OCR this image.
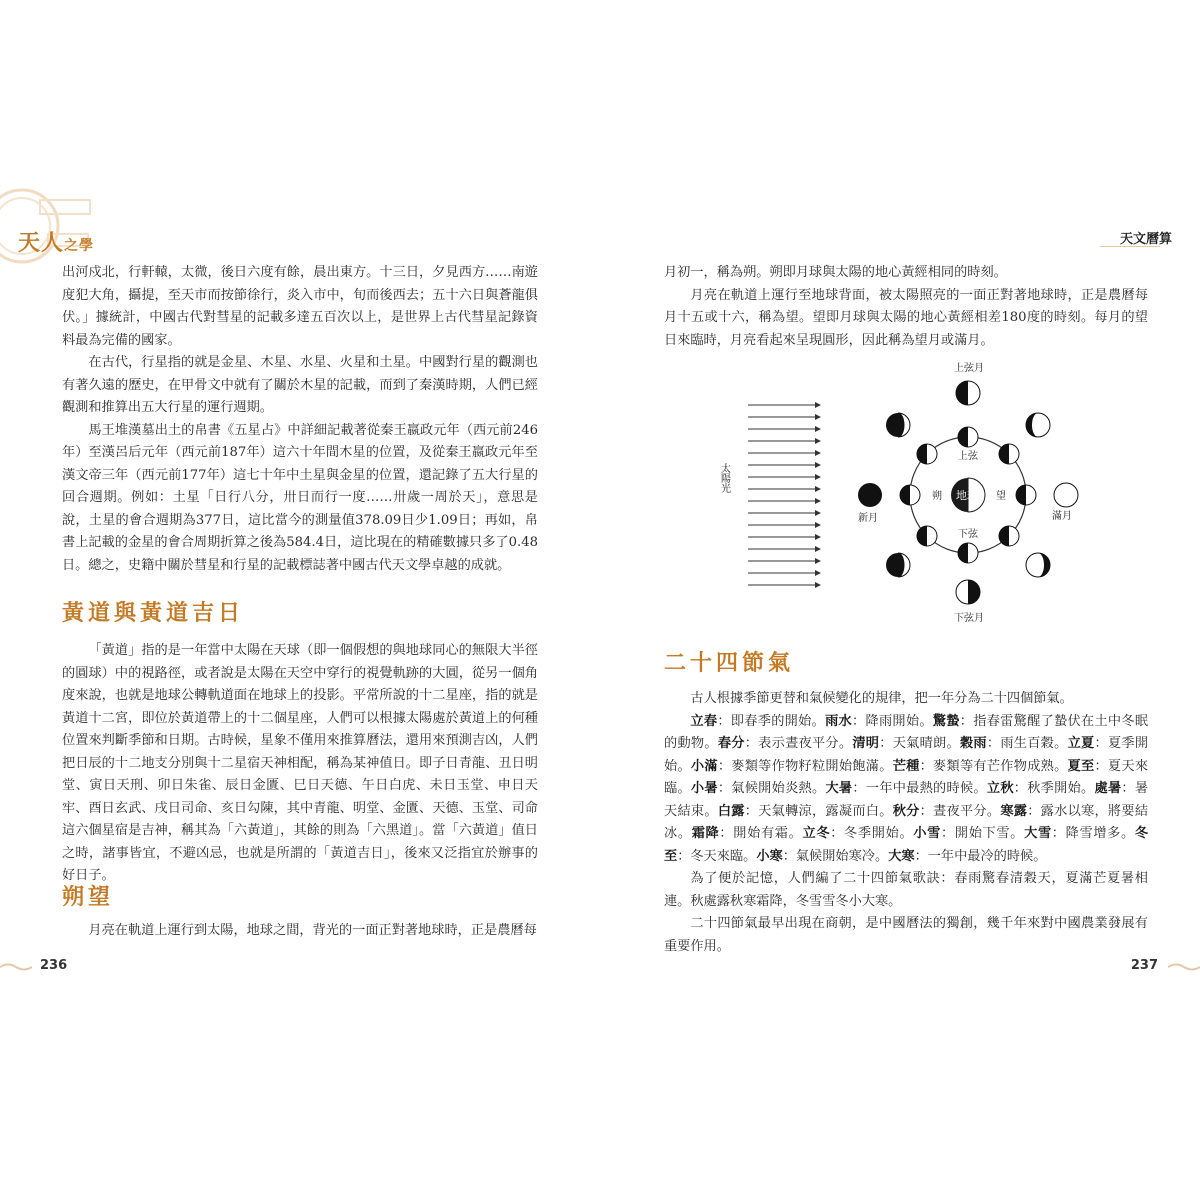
天人之學

出河戍北，行軒轅，太微，後日六度有餘，晨出東方。十三日，夕見西方……南遊度犯大角，攝提，至天市而按節徐行，炎入市中，旬而後西去；五十六日與蒼龍俱伏。」據統計，中國古代對彗星的記載多達五百次以上，是世界上古代彗星記錄資料最為完備的國家。

在古代，行星指的就是金星、木星、水星、火星和土星。中國對行星的觀測也有著久遠的歷史，在甲骨文中就有了關於木星的記載，而到了秦漢時期，人們已經觀測和推算出五大行星的運行週期。

馬王堆漢墓出土的帛書《五星占》中詳細記載著從秦王嬴政元年（西元前246年）至漢呂后元年（西元前187年）這六十年間木星的位置，及從秦王嬴政元年至漢文帝三年（西元前177年）這七十年中土星與金星的位置，還記錄了五大行星的回合週期。例如：土星「日行八分，卅日而行一度……卅歲一周於天」，意思是說，土星的會合週期為377日，這比當今的測量值378.09日少1.09日；再如，帛書上記載的金星的會合周期折算之後為584.4日，這比現在的精確數據只多了0.48日。總之，史籍中關於彗星和行星的記載標誌著中國古代天文學卓越的成就。

黃道與黃道吉日

「黃道」指的是一年當中太陽在天球（即一個假想的與地球同心的無限大半徑的圓球）中的視路徑，或者說是太陽在天空中穿行的視覺軌跡的大圓，從另一個角度來說，也就是地球公轉軌道面在地球上的投影。平常所說的十二星座，指的就是黃道十二宮，即位於黃道帶上的十二個星座，人們可以根據太陽處於黃道上的何種位置來判斷季節和日期。古時候，星象不僅用來推算曆法，還用來預測吉凶，人們把日辰的十二地支分別與十二星宿天神相配，稱為某神值日。即子日青龍、丑日明堂、寅日天刑、卯日朱雀、辰日金匱、巳日天德、午日白虎、未日玉堂、申日天牢、酉日玄武、戌日司命、亥日勾陳，其中青龍、明堂、金匱、天德、玉堂、司命這六個星宿是吉神，稱其為「六黃道」，其餘的則為「六黑道」。當「六黃道」值日之時，諸事皆宜，不避凶忌，也就是所謂的「黃道吉日」，後來又泛指宜於辦事的好日子。

朔望

月亮在軌道上運行到太陽，地球之間，背光的一面正對著地球時，正是農曆每

236
天文曆算

月初一，稱為朔。朔即月球與太陽的地心黃經相同的時刻。

月亮在軌道上運行至地球背面，被太陽照亮的一面正對著地球時，正是農曆每月十五或十六，稱為望。望即月球與太陽的地心黃經相差180度的時刻。每月的望日來臨時，月亮看起來呈現圓形，因此稱為望月或滿月。

太陽光
地球
上弦月
上弦
朔	望
下弦
新月	滿月
下弦月
二十四節氣

古人根據季節更替和氣候變化的規律，把一年分為二十四個節氣。

立春：即春季的開始。雨水：降雨開始。驚蟄：指春雷驚醒了蟄伏在土中冬眠的動物。春分：表示晝夜平分。清明：天氣晴朗。穀雨：雨生百穀。立夏：夏季開始。小滿：麥類等作物籽粒開始飽滿。芒種：麥類等有芒作物成熟。夏至：夏天來臨。小暑：氣候開始炎熱。大暑：一年中最熱的時候。立秋：秋季開始。處暑：暑天結束。白露：天氣轉涼，露凝而白。秋分：晝夜平分。寒露：露水以寒，將要結冰。霜降：開始有霜。立冬：冬季開始。小雪：開始下雪。大雪：降雪增多。冬至：冬天來臨。小寒：氣候開始寒冷。大寒：一年中最冷的時候。

為了便於記憶，人們編了二十四節氣歌訣：春雨驚春清穀天，夏滿芒夏暑相連。秋處露秋寒霜降，冬雪雪冬小大寒。

二十四節氣最早出現在商朝，是中國曆法的獨創，幾千年來對中國農業發展有重要作用。

237
